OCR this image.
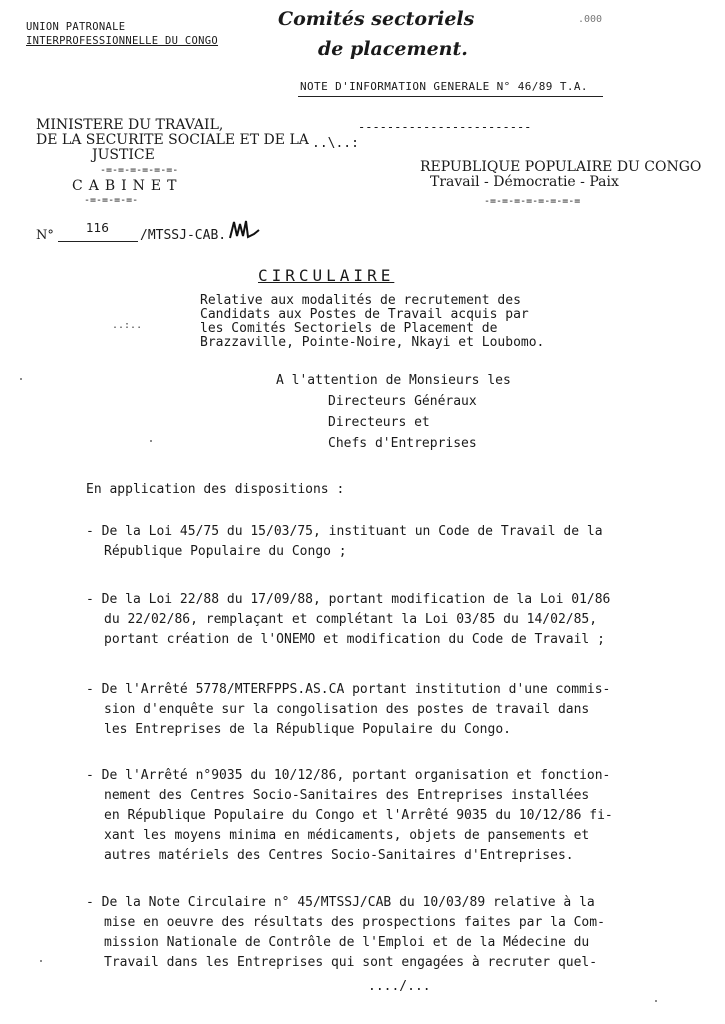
UNION PATRONALE
INTERPROFESSIONNELLE DU CONGO
Comités sectoriels
de placement.
.000
NOTE D'INFORMATION GENERALE N° 46/89 T.A.
MINISTERE DU TRAVAIL,
DE LA SECURITE SOCIALE ET DE LA
JUSTICE
------------------------
..\..:
-=-=-=-=-=-=-
CABINET
-=-=-=-=-
REPUBLIQUE POPULAIRE DU CONGO
Travail - Démocratie - Paix
-=-=-=-=-=-=-=-=
N°	116 /MTSSJ-CAB.
CIRCULAIRE
Relative aux modalités de recrutement des
Candidats aux Postes de Travail acquis par
les Comités Sectoriels de Placement de
Brazzaville, Pointe-Noire, Nkayi et Loubomo.
..:..
A l'attention de Monsieurs les
Directeurs Généraux
Directeurs et
Chefs d'Entreprises
En application des dispositions :
- De la Loi 45/75 du 15/03/75, instituant un Code de Travail de la
République Populaire du Congo ;
- De la Loi 22/88 du 17/09/88, portant modification de la Loi 01/86
du 22/02/86, remplaçant et complétant la Loi 03/85 du 14/02/85,
portant création de l'ONEMO et modification du Code de Travail ;
- De l'Arrêté 5778/MTERFPPS.AS.CA portant institution d'une commis-
sion d'enquête sur la congolisation des postes de travail dans
les Entreprises de la République Populaire du Congo.
- De l'Arrêté n°9035 du 10/12/86, portant organisation et fonction-
nement des Centres Socio-Sanitaires des Entreprises installées
en République Populaire du Congo et l'Arrêté 9035 du 10/12/86 fi-
xant les moyens minima en médicaments, objets de pansements et
autres matériels des Centres Socio-Sanitaires d'Entreprises.
- De la Note Circulaire n° 45/MTSSJ/CAB du 10/03/89 relative à la
mise en oeuvre des résultats des prospections faites par la Com-
mission Nationale de Contrôle de l'Emploi et de la Médecine du
Travail dans les Entreprises qui sont engagées à recruter quel-
..../...
